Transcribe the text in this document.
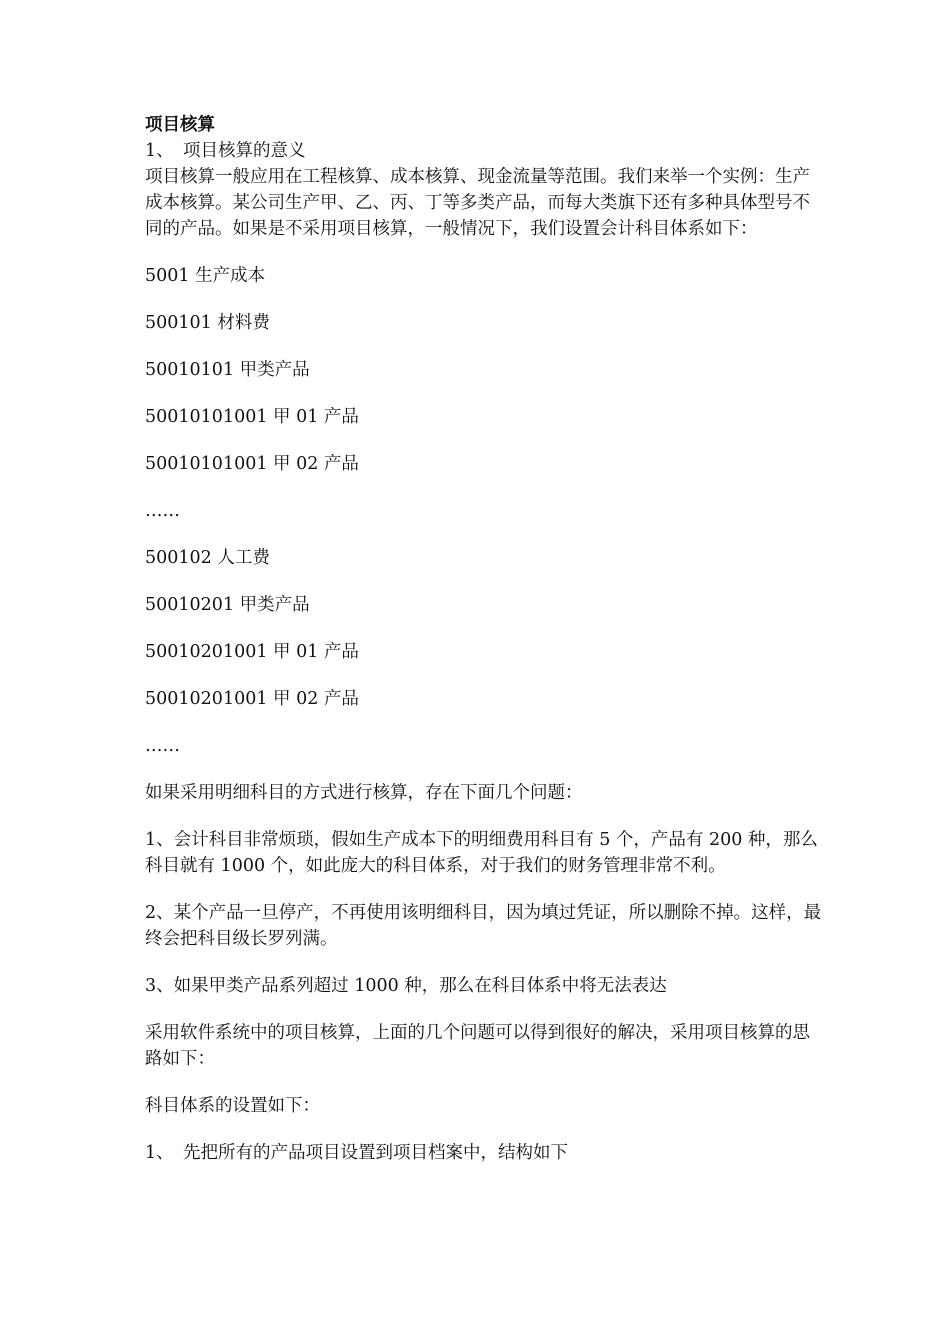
项目核算

1、 项目核算的意义

项目核算一般应用在工程核算、成本核算、现金流量等范围。我们来举一个实例：生产成本核算。某公司生产甲、乙、丙、丁等多类产品，而每大类旗下还有多种具体型号不同的产品。如果是不采用项目核算，一般情况下，我们设置会计科目体系如下：

5001 生产成本

500101 材料费

50010101 甲类产品

50010101001 甲 01 产品

50010101001 甲 02 产品

……

500102 人工费

50010201 甲类产品

50010201001 甲 01 产品

50010201001 甲 02 产品

……

如果采用明细科目的方式进行核算，存在下面几个问题：

1、会计科目非常烦琐，假如生产成本下的明细费用科目有 5 个，产品有 200 种，那么科目就有 1000 个，如此庞大的科目体系，对于我们的财务管理非常不利。

2、某个产品一旦停产，不再使用该明细科目，因为填过凭证，所以删除不掉。这样，最终会把科目级长罗列满。

3、如果甲类产品系列超过 1000 种，那么在科目体系中将无法表达

采用软件系统中的项目核算，上面的几个问题可以得到很好的解决，采用项目核算的思路如下：

科目体系的设置如下：

1、 先把所有的产品项目设置到项目档案中，结构如下
